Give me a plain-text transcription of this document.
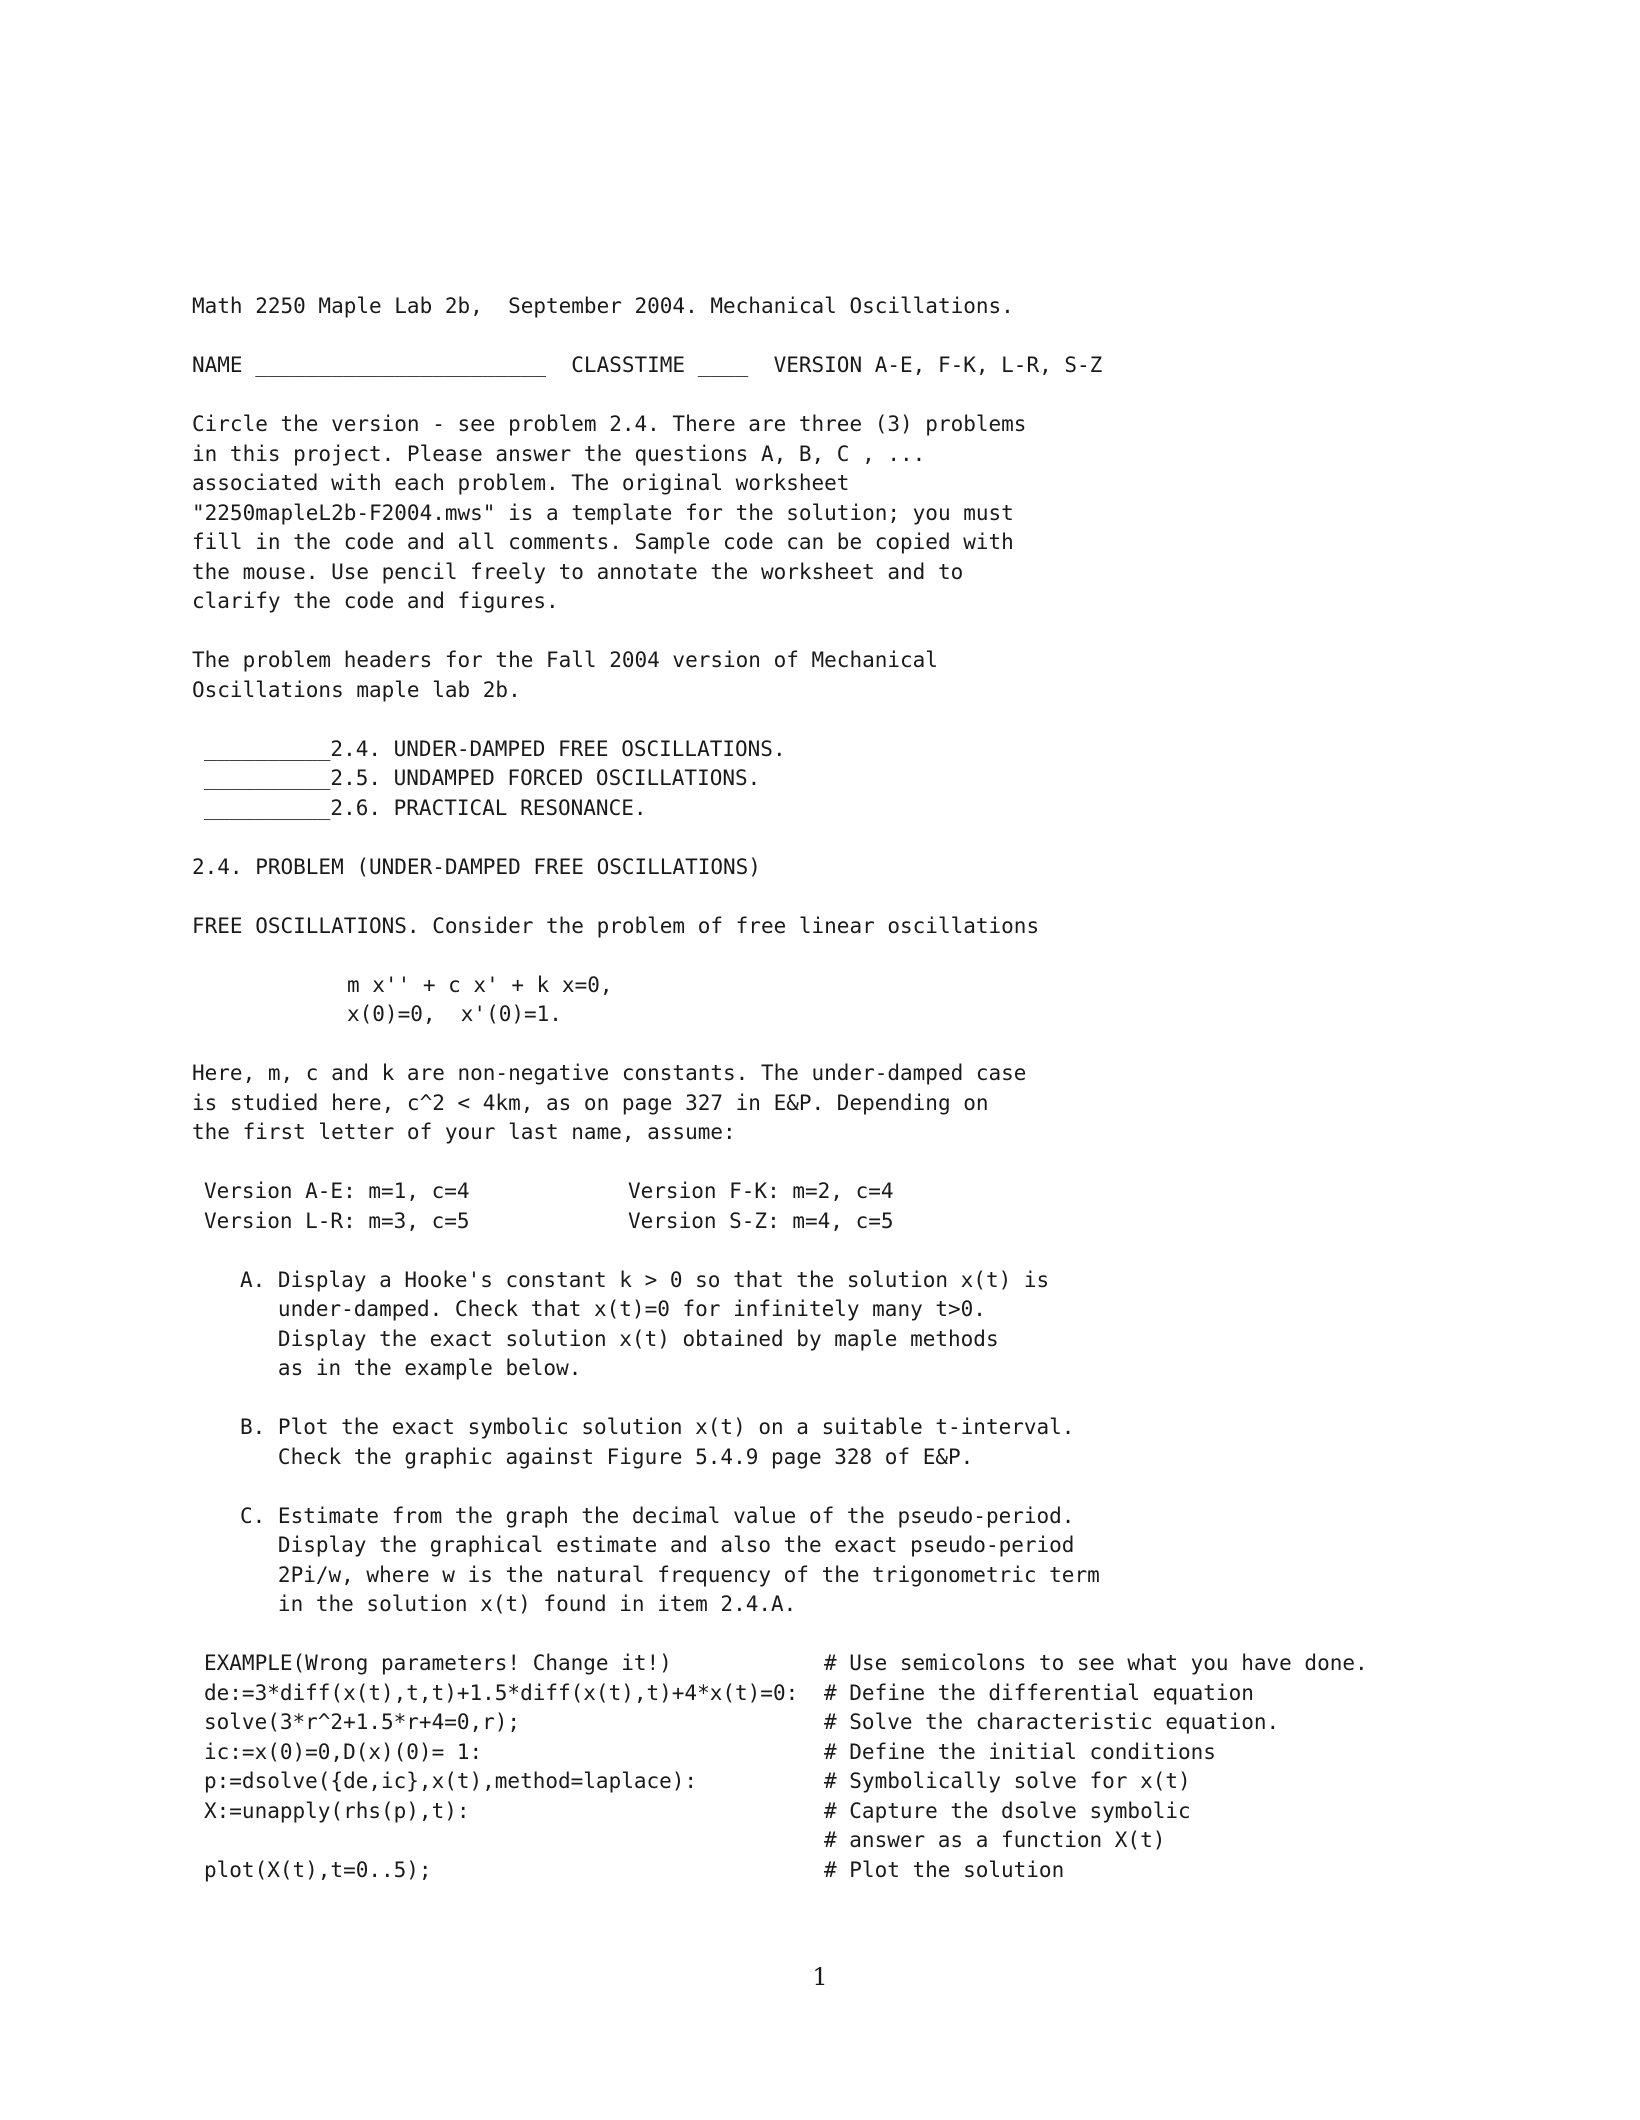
Math 2250 Maple Lab 2b,  September 2004. Mechanical Oscillations.
NAME _______________________  CLASSTIME ____  VERSION A-E, F-K, L-R, S-Z
Circle the version - see problem 2.4. There are three (3) problems
in this project. Please answer the questions A, B, C , ...
associated with each problem. The original worksheet
"2250mapleL2b-F2004.mws" is a template for the solution; you must
fill in the code and all comments. Sample code can be copied with
the mouse. Use pencil freely to annotate the worksheet and to
clarify the code and figures.
The problem headers for the Fall 2004 version of Mechanical
Oscillations maple lab 2b.
__________2.4. UNDER-DAMPED FREE OSCILLATIONS.
__________2.5. UNDAMPED FORCED OSCILLATIONS.
__________2.6. PRACTICAL RESONANCE.
2.4. PROBLEM (UNDER-DAMPED FREE OSCILLATIONS)
FREE OSCILLATIONS. Consider the problem of free linear oscillations
m x'' + c x' + k x=0,
x(0)=0,  x'(0)=1.
Here, m, c and k are non-negative constants. The under-damped case
is studied here, c^2 < 4km, as on page 327 in E&P. Depending on
the first letter of your last name, assume:
Version A-E: m=1, c=4	Version F-K: m=2, c=4
Version L-R: m=3, c=5	Version S-Z: m=4, c=5
A. Display a Hooke's constant k > 0 so that the solution x(t) is
under-damped. Check that x(t)=0 for infinitely many t>0.
Display the exact solution x(t) obtained by maple methods
as in the example below.
B. Plot the exact symbolic solution x(t) on a suitable t-interval.
Check the graphic against Figure 5.4.9 page 328 of E&P.
C. Estimate from the graph the decimal value of the pseudo-period.
Display the graphical estimate and also the exact pseudo-period
2Pi/w, where w is the natural frequency of the trigonometric term
in the solution x(t) found in item 2.4.A.
EXAMPLE(Wrong parameters! Change it!)	# Use semicolons to see what you have done.
de:=3*diff(x(t),t,t)+1.5*diff(x(t),t)+4*x(t)=0: # Define the differential equation
solve(3*r^2+1.5*r+4=0,r);	# Solve the characteristic equation.
ic:=x(0)=0,D(x)(0)= 1:	# Define the initial conditions
p:=dsolve({de,ic},x(t),method=laplace):	# Symbolically solve for x(t)
X:=unapply(rhs(p),t):	# Capture the dsolve symbolic
# answer as a function X(t)
plot(X(t),t=0..5);	# Plot the solution
1
